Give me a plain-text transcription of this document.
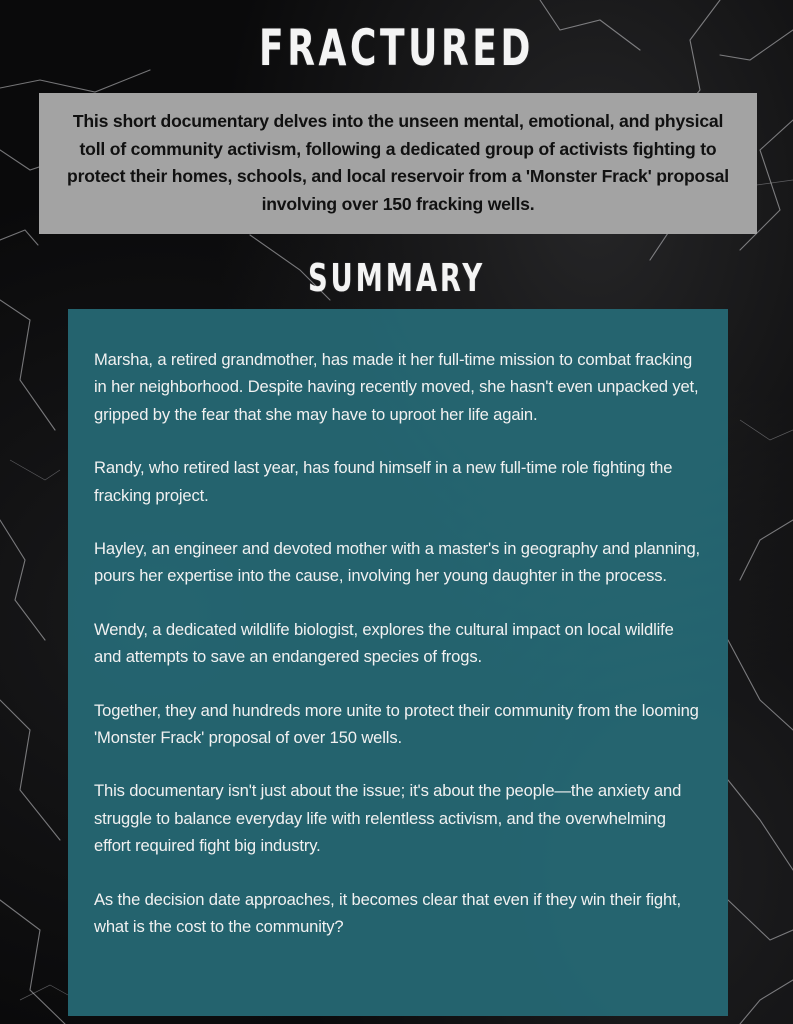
FRACTURED
This short documentary delves into the unseen mental, emotional, and physical toll of community activism, following a dedicated group of activists fighting to protect their homes, schools, and local reservoir from a 'Monster Frack' proposal involving over 150 fracking wells.
SUMMARY

Marsha, a retired grandmother, has made it her full-time mission to combat fracking in her neighborhood. Despite having recently moved, she hasn't even unpacked yet, gripped by the fear that she may have to uproot her life again.

Randy, who retired last year, has found himself in a new full-time role fighting the fracking project.

Hayley, an engineer and devoted mother with a master's in geography and planning, pours her expertise into the cause, involving her young daughter in the process.

Wendy, a dedicated wildlife biologist, explores the cultural impact on local wildlife and attempts to save an endangered species of frogs.

Together, they and hundreds more unite to protect their community from the looming 'Monster Frack' proposal of over 150 wells.

This documentary isn't just about the issue; it's about the people—the anxiety and struggle to balance everyday life with relentless activism, and the overwhelming effort required fight big industry.

As the decision date approaches, it becomes clear that even if they win their fight, what is the cost to the community?
